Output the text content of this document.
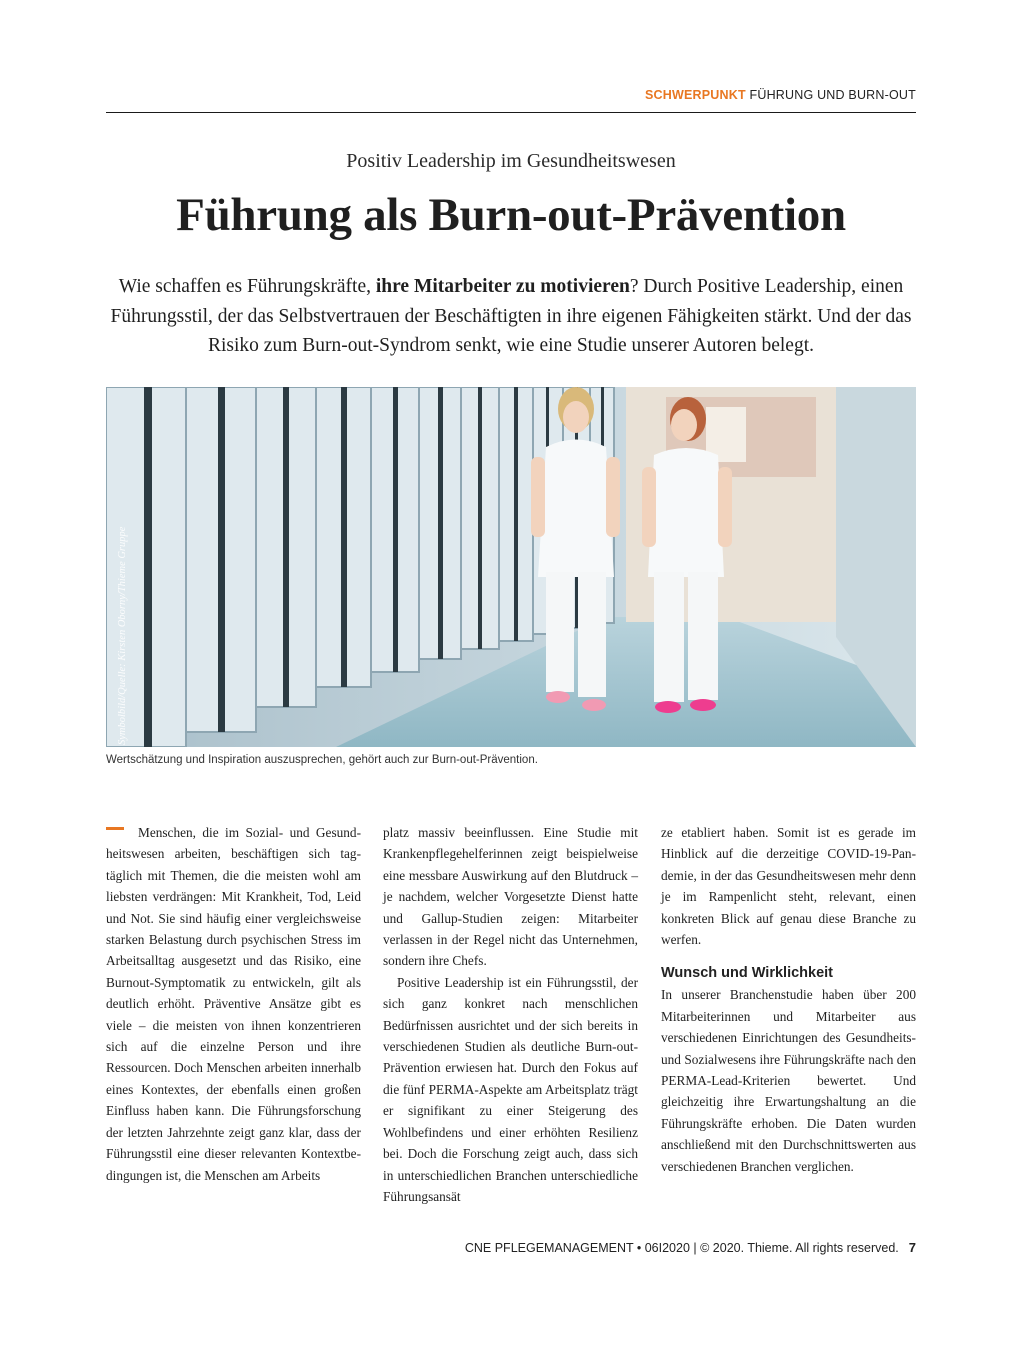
SCHWERPUNKT FÜHRUNG UND BURN-OUT
Positiv Leadership im Gesundheitswesen
Führung als Burn-out-Prävention

Wie schaffen es Führungskräfte, ihre Mitarbeiter zu motivieren? Durch Positive Leadership, einen Führungsstil, der das Selbstvertrauen der Beschäftigten in ihre eigenen Fähigkeiten stärkt. Und der das Risiko zum Burn-out-Syndrom senkt, wie eine Studie unserer Autoren belegt.

Symbolbild/Quelle: Kirsten Oborny/Thieme Gruppe
Wertschätzung und Inspiration auszusprechen, gehört auch zur Burn-out-Prävention.

Menschen, die im Sozial- und Gesundheitswesen arbeiten, beschäftigen sich tagtäglich mit Themen, die die meisten wohl am liebsten verdrängen: Mit Krankheit, Tod, Leid und Not. Sie sind häufig einer vergleichsweise starken Belastung durch psychischen Stress im Arbeitsalltag ausgesetzt und das Risiko, eine Burnout-Symptomatik zu entwickeln, gilt als deutlich erhöht. Präventive Ansätze gibt es viele – die meisten von ihnen konzentrieren sich auf die einzelne Person und ihre Ressourcen. Doch Menschen arbeiten innerhalb eines Kontextes, der ebenfalls einen großen Einfluss haben kann. Die Führungsforschung der letzten Jahrzehnte zeigt ganz klar, dass der Führungsstil eine dieser relevanten Kontextbedingungen ist, die Menschen am Arbeits

platz massiv beeinflussen. Eine Studie mit Krankenpflegehelferinnen zeigt beispielweise eine messbare Auswirkung auf den Blutdruck – je nachdem, welcher Vorgesetzte Dienst hatte und Gallup-Studien zeigen: Mitarbeiter verlassen in der Regel nicht das Unternehmen, sondern ihre Chefs.

Positive Leadership ist ein Führungsstil, der sich ganz konkret nach menschlichen Bedürfnissen ausrichtet und der sich bereits in verschiedenen Studien als deutliche Burn-out-Prävention erwiesen hat. Durch den Fokus auf die fünf PERMA-Aspekte am Arbeitsplatz trägt er signifikant zu einer Steigerung des Wohlbefindens und einer erhöhten Resilienz bei. Doch die Forschung zeigt auch, dass sich in unterschiedlichen Branchen unterschiedliche Führungsansät

ze etabliert haben. Somit ist es gerade im Hinblick auf die derzeitige COVID-19-Pandemie, in der das Gesundheitswesen mehr denn je im Rampenlicht steht, relevant, einen konkreten Blick auf genau diese Branche zu werfen.

Wunsch und Wirklichkeit

In unserer Branchenstudie haben über 200 Mitarbeiterinnen und Mitarbeiter aus verschiedenen Einrichtungen des Gesundheits- und Sozialwesens ihre Führungskräfte nach den PERMA-Lead-Kriterien bewertet. Und gleichzeitig ihre Erwartungshaltung an die Führungskräfte erhoben. Die Daten wurden anschließend mit den Durchschnittswerten aus verschiedenen Branchen verglichen.

CNE PFLEGEMANAGEMENT • 06I2020 | © 2020. Thieme. All rights reserved. 7
